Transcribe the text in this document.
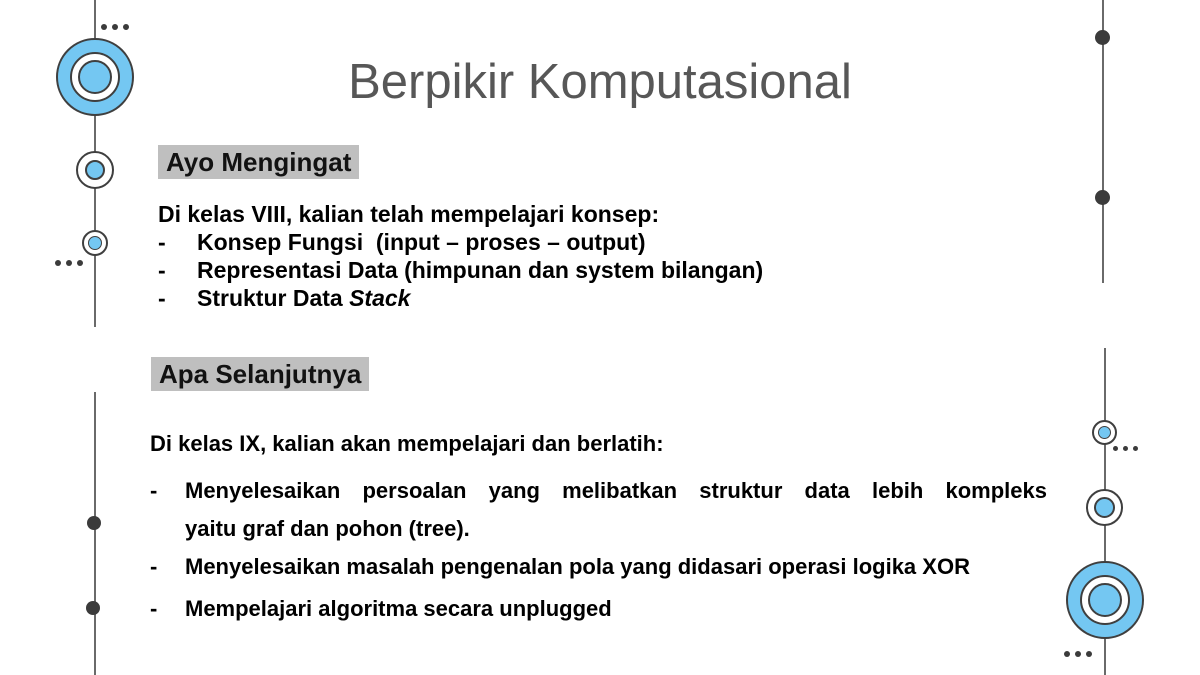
Berpikir Komputasional
Ayo Mengingat
Di kelas VIII, kalian telah mempelajari konsep:
-	Konsep Fungsi  (input – proses – output)
-	Representasi Data (himpunan dan system bilangan)
-	Struktur Data Stack
Apa Selanjutnya
Di kelas IX, kalian akan mempelajari dan berlatih:
-	Menyelesaikan persoalan yang melibatkan struktur data lebih kompleks
yaitu graf dan pohon (tree).
-	Menyelesaikan masalah pengenalan pola yang didasari operasi logika XOR
-	Mempelajari algoritma secara unplugged
